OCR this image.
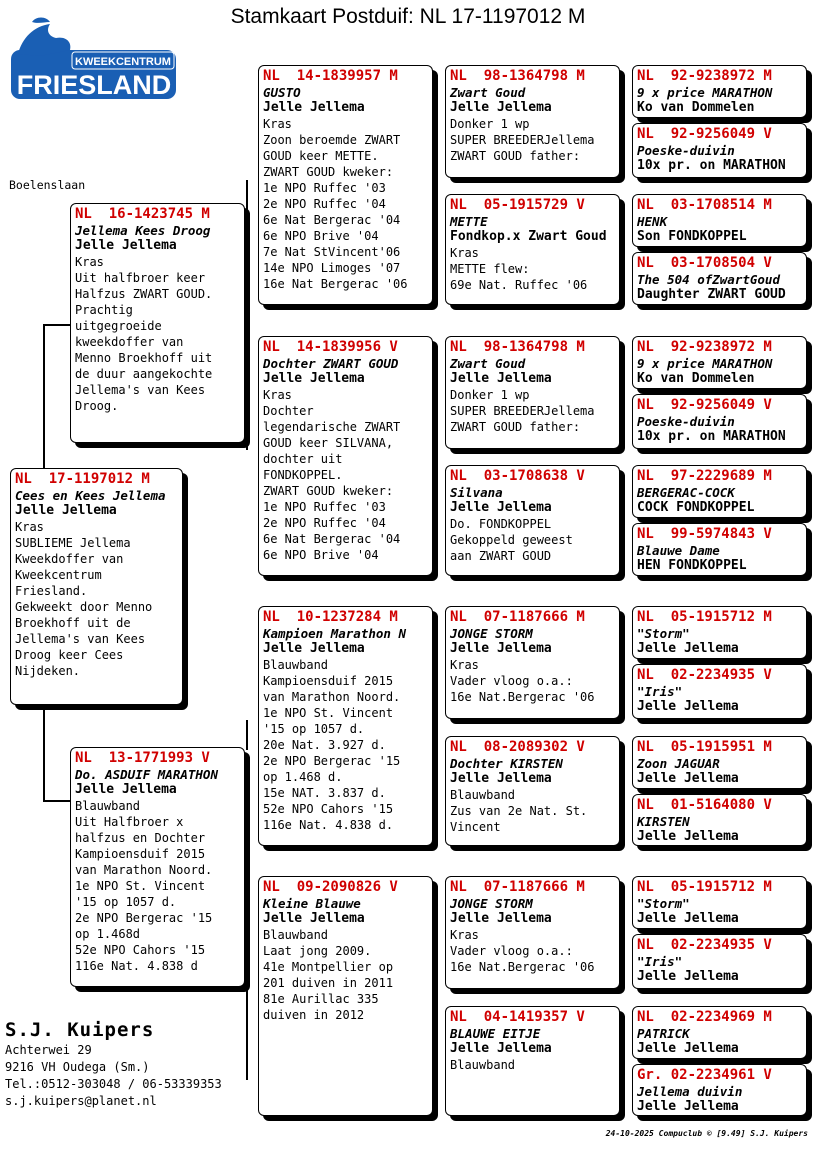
Stamkaart Postduif: NL 17-1197012 M
KWEEKCENTRUM
FRIESLAND
Boelenslaan
NL  17-1197012 M
Cees en Kees Jellema
Jelle Jellema
Kras
SUBLIEME Jellema
Kweekdoffer van
Kweekcentrum
Friesland.
Gekweekt door Menno
Broekhoff uit de
Jellema's van Kees
Droog keer Cees
Nijdeken.
NL  16-1423745 M
Jellema Kees Droog
Jelle Jellema
Kras
Uit halfbroer keer
Halfzus ZWART GOUD.
Prachtig
uitgegroeide
kweekdoffer van
Menno Broekhoff uit
de duur aangekochte
Jellema's van Kees
Droog.
NL  13-1771993 V
Do. ASDUIF MARATHON
Jelle Jellema
Blauwband
Uit Halfbroer x
halfzus en Dochter
Kampioensduif 2015
van Marathon Noord.
1e NPO St. Vincent
'15 op 1057 d.
2e NPO Bergerac '15
op 1.468d
52e NPO Cahors '15
116e Nat. 4.838 d
NL  14-1839957 M
GUSTO
Jelle Jellema
Kras
Zoon beroemde ZWART
GOUD keer METTE.
ZWART GOUD kweker:
1e NPO Ruffec '03
2e NPO Ruffec '04
6e Nat Bergerac '04
6e NPO Brive '04
7e Nat StVincent'06
14e NPO Limoges '07
16e Nat Bergerac '06
NL  14-1839956 V
Dochter ZWART GOUD
Jelle Jellema
Kras
Dochter
legendarische ZWART
GOUD keer SILVANA,
dochter uit
FONDKOPPEL.
ZWART GOUD kweker:
1e NPO Ruffec '03
2e NPO Ruffec '04
6e Nat Bergerac '04
6e NPO Brive '04
NL  10-1237284 M
Kampioen Marathon N
Jelle Jellema
Blauwband
Kampioensduif 2015
van Marathon Noord.
1e NPO St. Vincent
'15 op 1057 d.
20e Nat. 3.927 d.
2e NPO Bergerac '15
op 1.468 d.
15e NAT. 3.837 d.
52e NPO Cahors '15
116e Nat. 4.838 d.
NL  09-2090826 V
Kleine Blauwe
Jelle Jellema
Blauwband
Laat jong 2009.
41e Montpellier op
201 duiven in 2011
81e Aurillac 335
duiven in 2012
NL  98-1364798 M
Zwart Goud
Jelle Jellema
Donker 1 wp
SUPER BREEDERJellema
ZWART GOUD father:
NL  05-1915729 V
METTE
Fondkop.x Zwart Goud
Kras
METTE flew:
69e Nat. Ruffec '06
NL  98-1364798 M
Zwart Goud
Jelle Jellema
Donker 1 wp
SUPER BREEDERJellema
ZWART GOUD father:
NL  03-1708638 V
Silvana
Jelle Jellema
Do. FONDKOPPEL
Gekoppeld geweest
aan ZWART GOUD
NL  07-1187666 M
JONGE STORM
Jelle Jellema
Kras
Vader vloog o.a.:
16e Nat.Bergerac '06
NL  08-2089302 V
Dochter KIRSTEN
Jelle Jellema
Blauwband
Zus van 2e Nat. St.
Vincent
NL  07-1187666 M
JONGE STORM
Jelle Jellema
Kras
Vader vloog o.a.:
16e Nat.Bergerac '06
NL  04-1419357 V
BLAUWE EITJE
Jelle Jellema
Blauwband
NL  92-9238972 M
9 x price MARATHON
Ko van Dommelen
NL  92-9256049 V
Poeske-duivin
10x pr. on MARATHON
NL  03-1708514 M
HENK
Son FONDKOPPEL
NL  03-1708504 V
The 504 ofZwartGoud
Daughter ZWART GOUD
NL  92-9238972 M
9 x price MARATHON
Ko van Dommelen
NL  92-9256049 V
Poeske-duivin
10x pr. on MARATHON
NL  97-2229689 M
BERGERAC-COCK
COCK FONDKOPPEL
NL  99-5974843 V
Blauwe Dame
HEN FONDKOPPEL
NL  05-1915712 M
"Storm"
Jelle Jellema
NL  02-2234935 V
"Iris"
Jelle Jellema
NL  05-1915951 M
Zoon JAGUAR
Jelle Jellema
NL  01-5164080 V
KIRSTEN
Jelle Jellema
NL  05-1915712 M
"Storm"
Jelle Jellema
NL  02-2234935 V
"Iris"
Jelle Jellema
NL  02-2234969 M
PATRICK
Jelle Jellema
Gr. 02-2234961 V
Jellema duivin
Jelle Jellema
S.J. Kuipers
Achterwei 29
9216 VH Oudega (Sm.)
Tel.:0512-303048 / 06-53339353
s.j.kuipers@planet.nl
24-10-2025 Compuclub © [9.49] S.J. Kuipers
